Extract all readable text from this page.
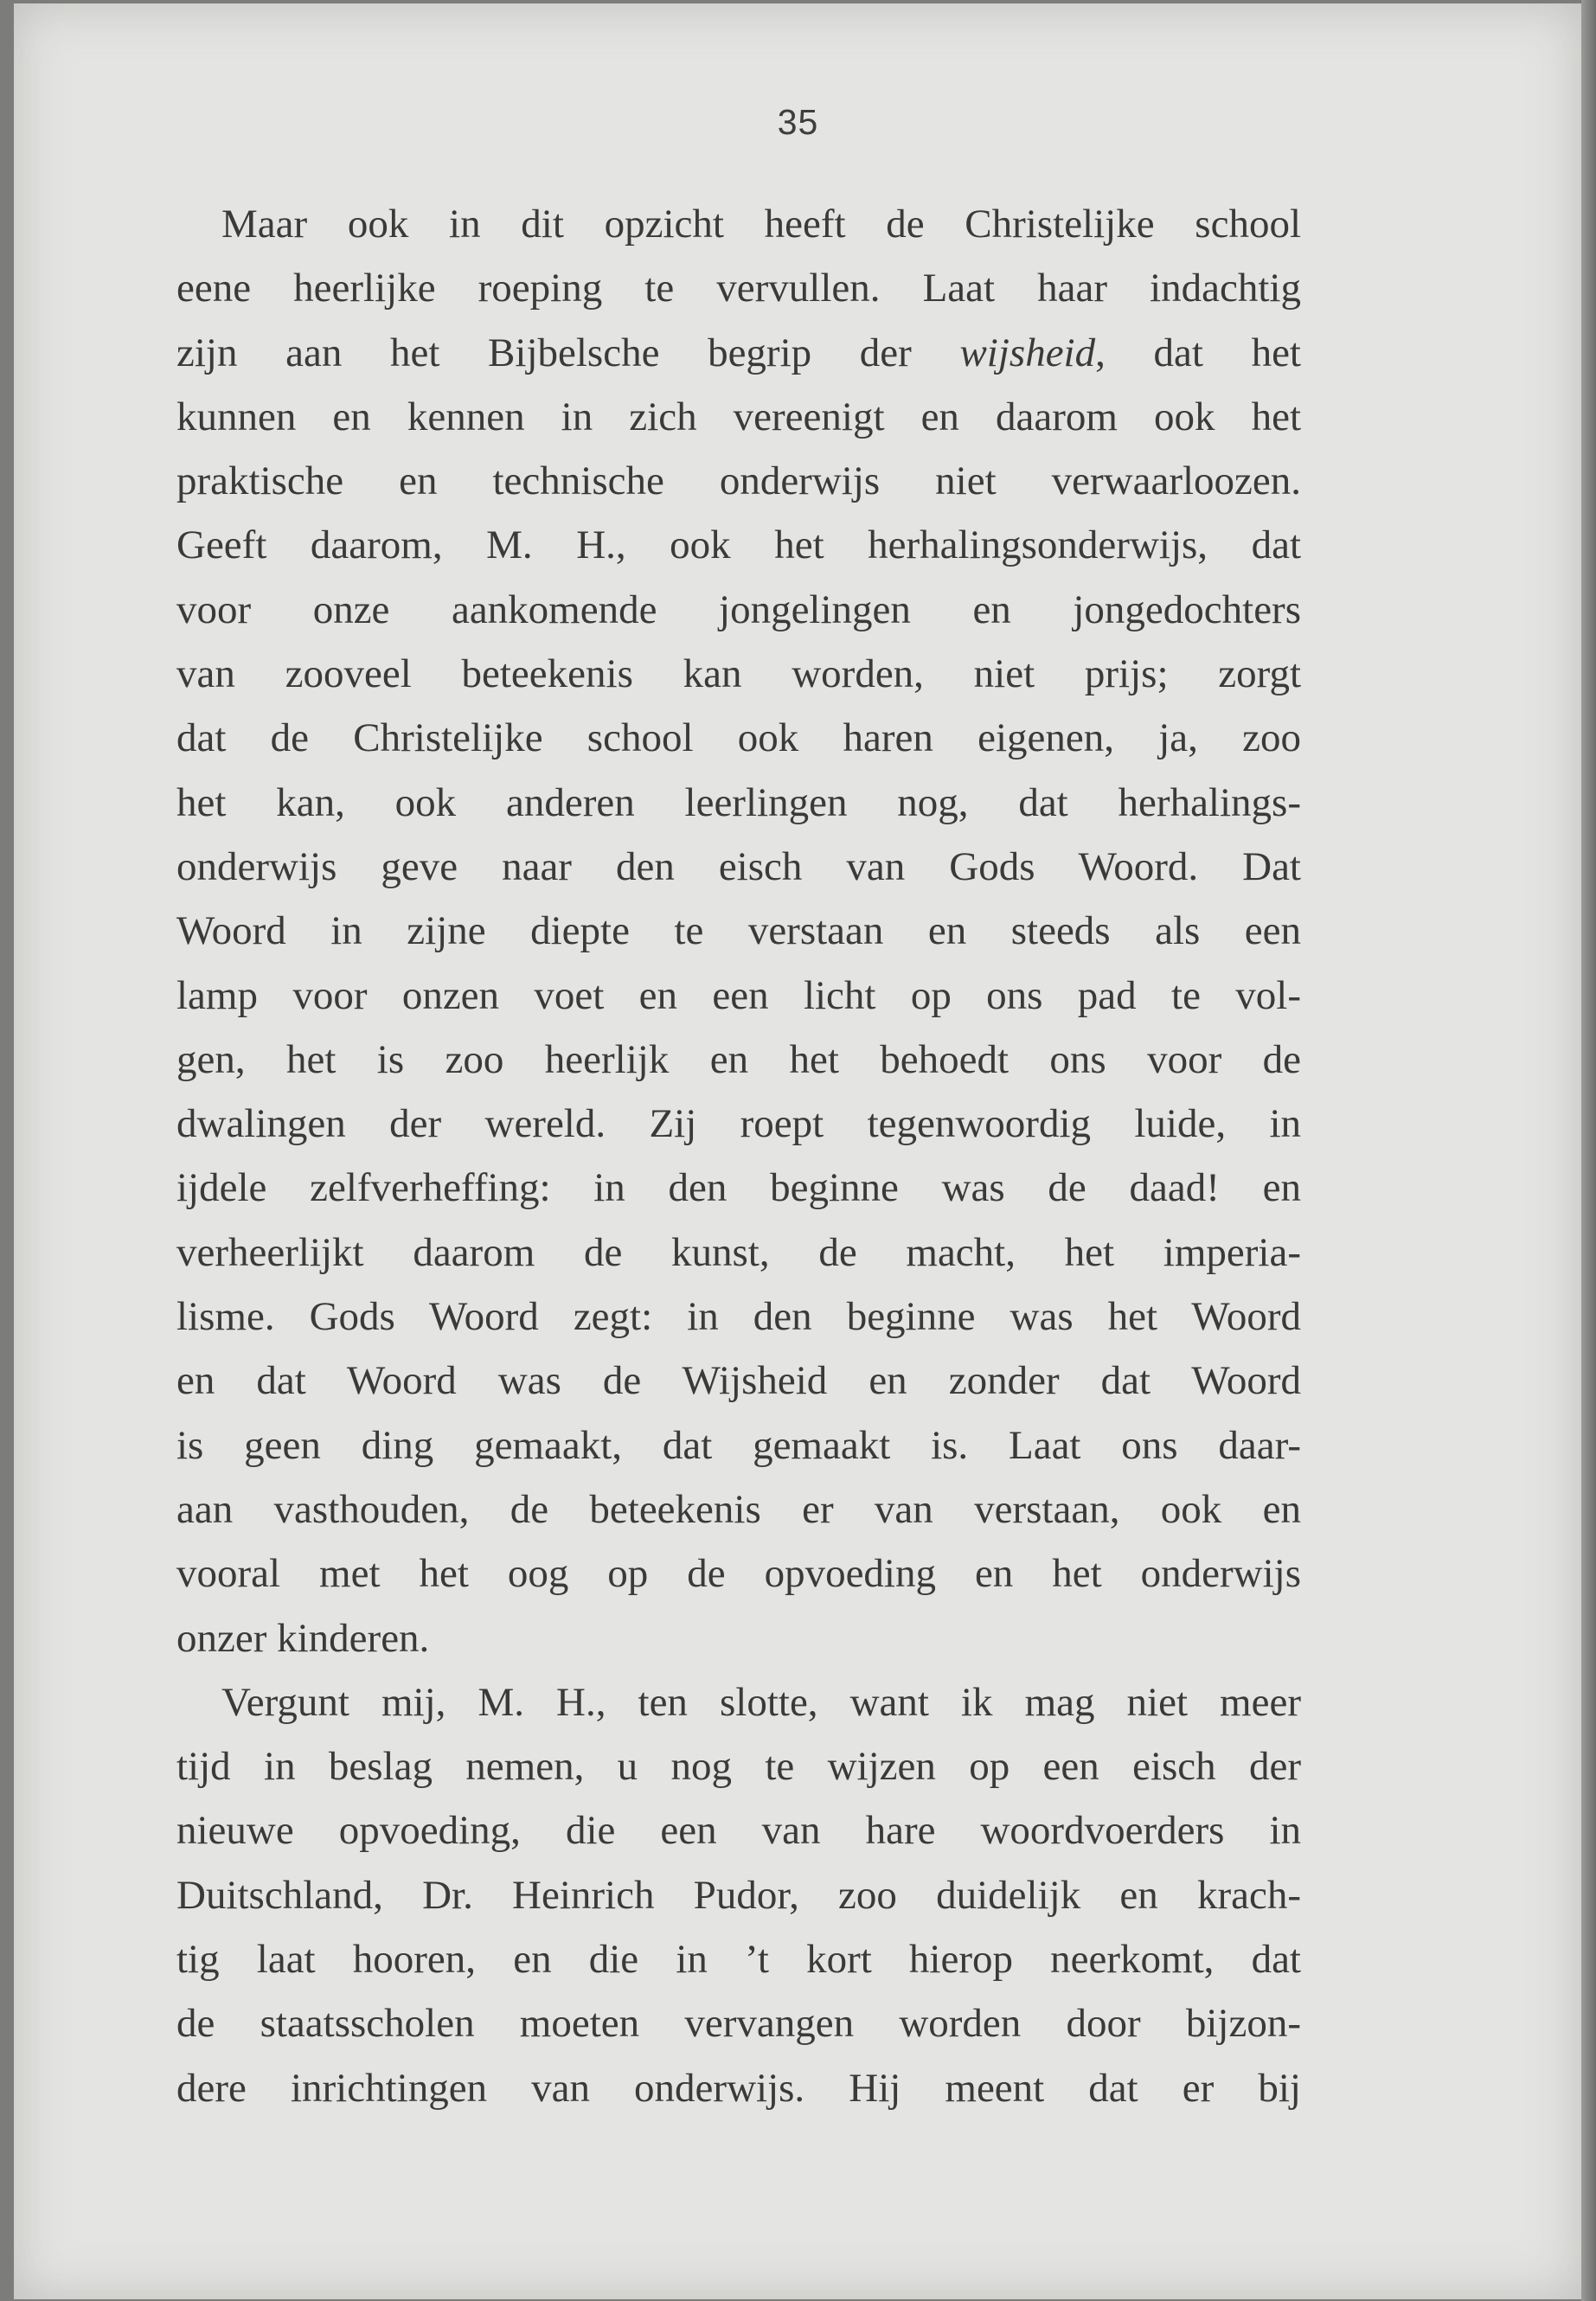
35
Maar ook in dit opzicht heeft de Christelijke school
eene heerlijke roeping te vervullen. Laat haar indachtig
zijn aan het Bijbelsche begrip der wijsheid, dat het
kunnen en kennen in zich vereenigt en daarom ook het
praktische en technische onderwijs niet verwaarloozen.
Geeft daarom, M. H., ook het herhalingsonderwijs, dat
voor onze aankomende jongelingen en jongedochters
van zooveel beteekenis kan worden, niet prijs; zorgt
dat de Christelijke school ook haren eigenen, ja, zoo
het kan, ook anderen leerlingen nog, dat herhalings-
onderwijs geve naar den eisch van Gods Woord. Dat
Woord in zijne diepte te verstaan en steeds als een
lamp voor onzen voet en een licht op ons pad te vol-
gen, het is zoo heerlijk en het behoedt ons voor de
dwalingen der wereld. Zij roept tegenwoordig luide, in
ijdele zelfverheffing: in den beginne was de daad! en
verheerlijkt daarom de kunst, de macht, het imperia-
lisme. Gods Woord zegt: in den beginne was het Woord
en dat Woord was de Wijsheid en zonder dat Woord
is geen ding gemaakt, dat gemaakt is. Laat ons daar-
aan vasthouden, de beteekenis er van verstaan, ook en
vooral met het oog op de opvoeding en het onderwijs
onzer kinderen.
Vergunt mij, M. H., ten slotte, want ik mag niet meer
tijd in beslag nemen, u nog te wijzen op een eisch der
nieuwe opvoeding, die een van hare woordvoerders in
Duitschland, Dr. Heinrich Pudor, zoo duidelijk en krach-
tig laat hooren, en die in ’t kort hierop neerkomt, dat
de staatsscholen moeten vervangen worden door bijzon-
dere inrichtingen van onderwijs. Hij meent dat er bij
